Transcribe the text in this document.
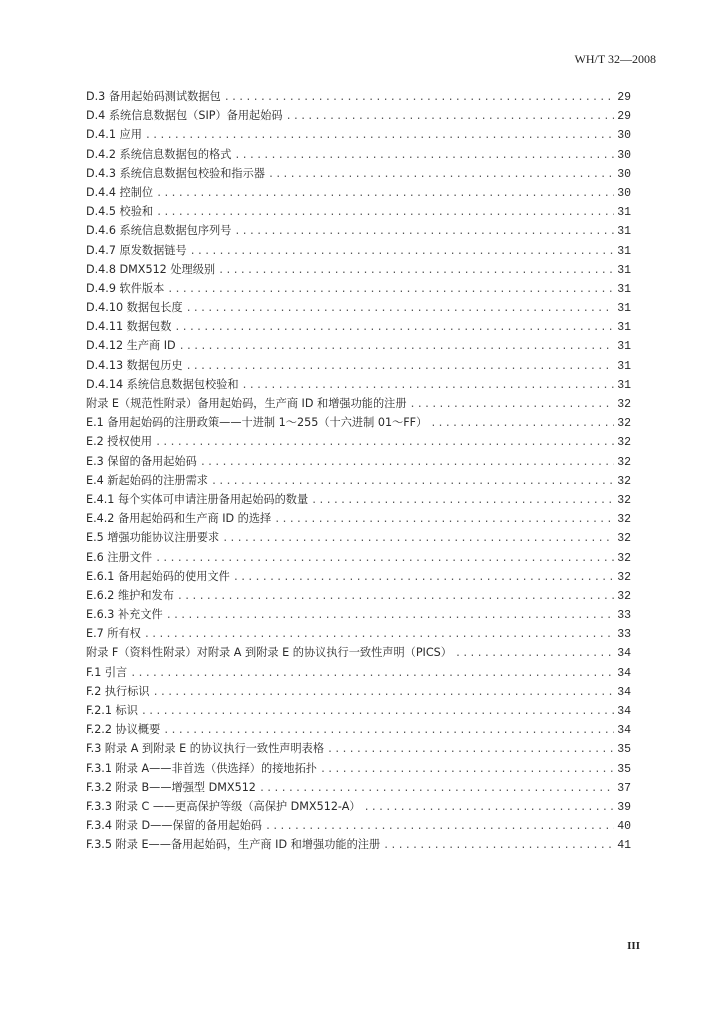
WH/T 32—2008
D.3 备用起始码测试数据包 .....	29
D.4 系统信息数据包（SIP）备用起始码 .....	29
D.4.1 应用 .....	30
D.4.2 系统信息数据包的格式 .....	30
D.4.3 系统信息数据包校验和指示器 .....	30
D.4.4 控制位 .....	30
D.4.5 校验和 .....	31
D.4.6 系统信息数据包序列号 .....	31
D.4.7 原发数据链号 .....	31
D.4.8 DMX512 处理级别 .....	31
D.4.9 软件版本 .....	31
D.4.10 数据包长度 .....	31
D.4.11 数据包数 .....	31
D.4.12 生产商 ID .....	31
D.4.13 数据包历史 .....	31
D.4.14 系统信息数据包校验和 .....	31
附录 E（规范性附录）备用起始码，生产商 ID 和增强功能的注册 .....	32
E.1 备用起始码的注册政策——十进制 1～255（十六进制 01～FF） .....	32
E.2 授权使用 .....	32
E.3 保留的备用起始码 .....	32
E.4 新起始码的注册需求 .....	32
E.4.1 每个实体可申请注册备用起始码的数量 .....	32
E.4.2 备用起始码和生产商 ID 的选择 .....	32
E.5 增强功能协议注册要求 .....	32
E.6 注册文件 .....	32
E.6.1 备用起始码的使用文件 .....	32
E.6.2 维护和发布 .....	32
E.6.3 补充文件 .....	33
E.7 所有权 .....	33
附录 F（资料性附录）对附录 A 到附录 E 的协议执行一致性声明（PICS） .....	34
F.1 引言 .....	34
F.2 执行标识 .....	34
F.2.1 标识 .....	34
F.2.2 协议概要 .....	34
F.3 附录 A 到附录 E 的协议执行一致性声明表格 .....	35
F.3.1 附录 A——非首选（供选择）的接地拓扑 .....	35
F.3.2 附录 B——增强型 DMX512 .....	37
F.3.3 附录 C ——更高保护等级（高保护 DMX512-A） .....	39
F.3.4 附录 D——保留的备用起始码 .....	40
F.3.5 附录 E——备用起始码，生产商 ID 和增强功能的注册 .....	41
III
